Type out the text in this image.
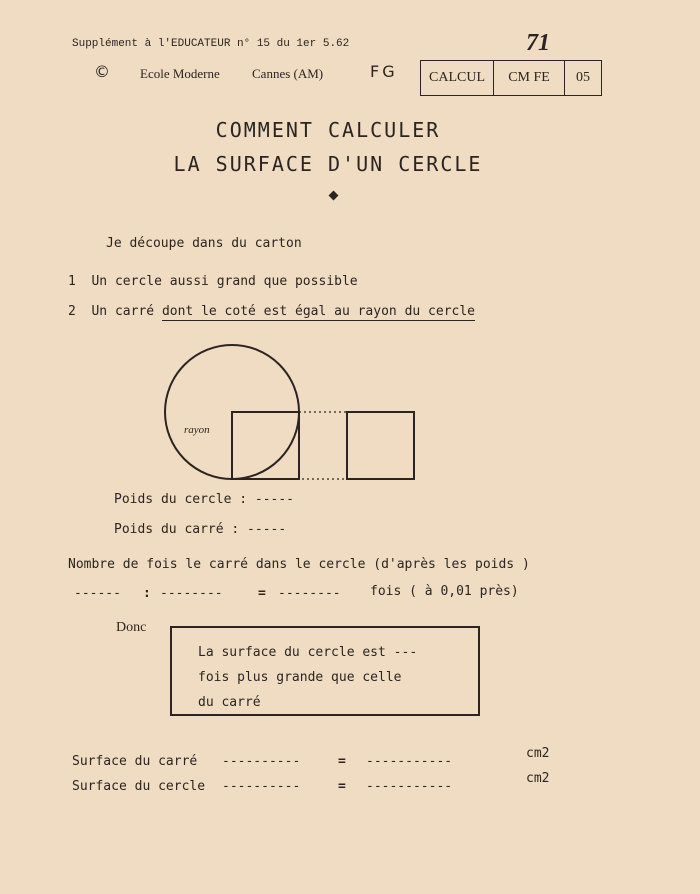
Supplément à l'EDUCATEUR n° 15 du 1er 5.62	71
© Ecole Moderne Cannes (AM)	FG	CALCUL	CM FE	05
COMMENT CALCULER
LA SURFACE D'UN CERCLE
Je découpe dans du carton
1 Un cercle aussi grand que possible
2 Un carré dont le coté est égal au rayon du cercle
rayon
Poids du cercle : -----
Poids du carré : -----
Nombre de fois le carré dans le cercle (d'après les poids )
------ : --------	= -------- fois ( à 0,01 près)
Donc
La surface du cercle est ---
fois plus grande que celle
du carré
Surface du carré ----------	= -----------
cm2
Surface du cercle ----------	= -----------
cm2
